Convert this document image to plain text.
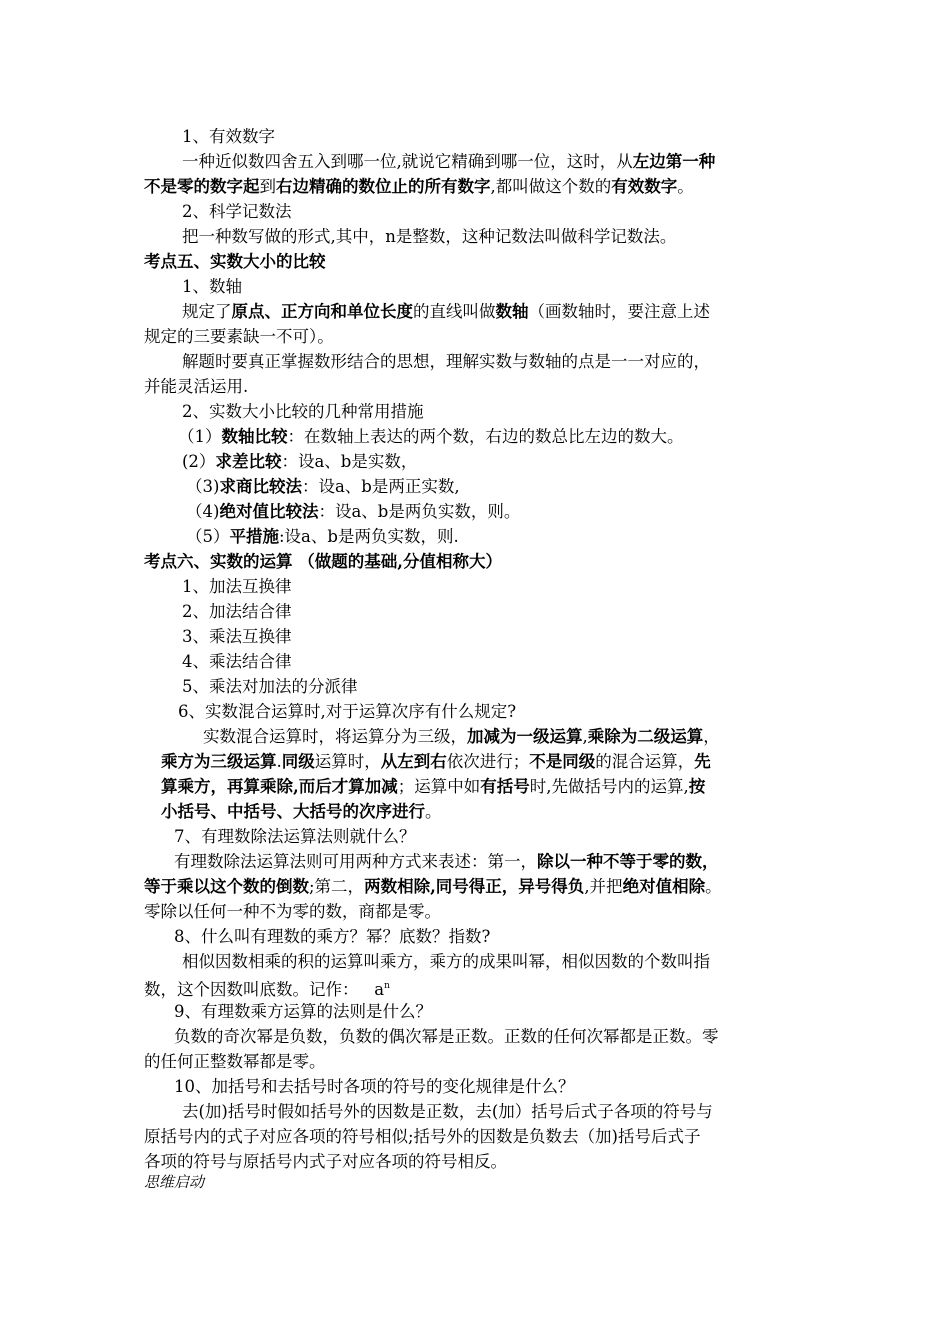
1、有效数字
一种近似数四舍五入到哪一位,就说它精确到哪一位，这时，从左边第一种
不是零的数字起到右边精确的数位止的所有数字,都叫做这个数的有效数字。
2、科学记数法
把一种数写做的形式,其中，n是整数，这种记数法叫做科学记数法。
考点五、实数大小的比较
1、数轴
规定了原点、正方向和单位长度的直线叫做数轴（画数轴时，要注意上述
规定的三要素缺一不可）。
解题时要真正掌握数形结合的思想，理解实数与数轴的点是一一对应的，
并能灵活运用.
2、实数大小比较的几种常用措施
（1）数轴比较：在数轴上表达的两个数，右边的数总比左边的数大。
(2）求差比较：设a、b是实数，
（3)求商比较法：设a、b是两正实数,
（4)绝对值比较法：设a、b是两负实数，则。
（5）平措施:设a、b是两负实数，则.
考点六、实数的运算 （做题的基础,分值相称大）
1、加法互换律
2、加法结合律
3、乘法互换律
4、乘法结合律
5、乘法对加法的分派律
6、实数混合运算时,对于运算次序有什么规定?
实数混合运算时，将运算分为三级，加减为一级运算,乘除为二级运算，
乘方为三级运算.同级运算时，从左到右依次进行；不是同级的混合运算，先
算乘方，再算乘除,而后才算加减；运算中如有括号时,先做括号内的运算,按
小括号、中括号、大括号的次序进行。
7、有理数除法运算法则就什么？
有理数除法运算法则可用两种方式来表述：第一，除以一种不等于零的数，
等于乘以这个数的倒数;第二，两数相除,同号得正，异号得负,并把绝对值相除。
零除以任何一种不为零的数，商都是零。
8、什么叫有理数的乘方？幂？底数？指数?
相似因数相乘的积的运算叫乘方，乘方的成果叫幂，相似因数的个数叫指
数，这个因数叫底数。记作： $a^n$
9、有理数乘方运算的法则是什么？
负数的奇次幂是负数，负数的偶次幂是正数。正数的任何次幂都是正数。零
的任何正整数幂都是零。
10、加括号和去括号时各项的符号的变化规律是什么？
去(加)括号时假如括号外的因数是正数，去(加）括号后式子各项的符号与
原括号内的式子对应各项的符号相似;括号外的因数是负数去（加)括号后式子
各项的符号与原括号内式子对应各项的符号相反。
思维启动
